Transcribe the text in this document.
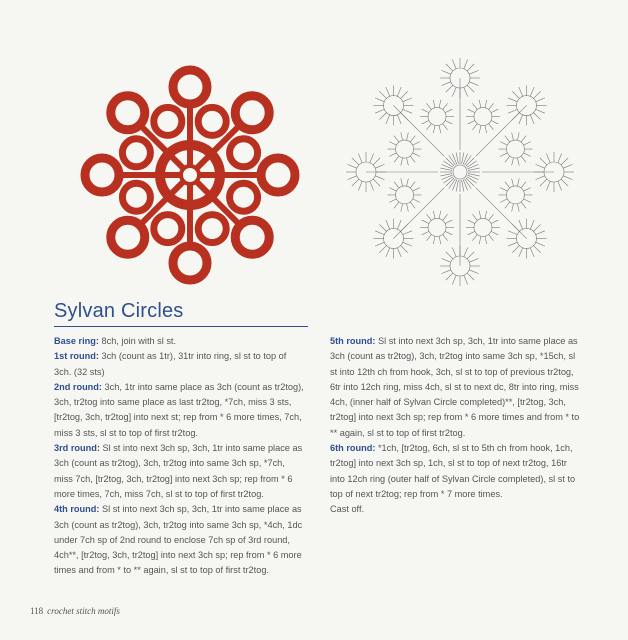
Sylvan Circles

Base ring: 8ch, join with sl st.

1st round: 3ch (count as 1tr), 31tr into ring, sl st to top of 3ch. (32 sts)

2nd round: 3ch, 1tr into same place as 3ch (count as tr2tog), 3ch, tr2tog into same place as last tr2tog, *7ch, miss 3 sts, [tr2tog, 3ch, tr2tog] into next st; rep from * 6 more times, 7ch, miss 3 sts, sl st to top of first tr2tog.

3rd round: Sl st into next 3ch sp, 3ch, 1tr into same place as 3ch (count as tr2tog), 3ch, tr2tog into same 3ch sp, *7ch, miss 7ch, [tr2tog, 3ch, tr2tog] into next 3ch sp; rep from * 6 more times, 7ch, miss 7ch, sl st to top of first tr2tog.

4th round: Sl st into next 3ch sp, 3ch, 1tr into same place as 3ch (count as tr2tog), 3ch, tr2tog into same 3ch sp, *4ch, 1dc under 7ch sp of 2nd round to enclose 7ch sp of 3rd round, 4ch**, [tr2tog, 3ch, tr2tog] into next 3ch sp; rep from * 6 more times and from * to ** again, sl st to top of first tr2tog.

5th round: Sl st into next 3ch sp, 3ch, 1tr into same place as 3ch (count as tr2tog), 3ch, tr2tog into same 3ch sp, *15ch, sl st into 12th ch from hook, 3ch, sl st to top of previous tr2tog, 6tr into 12ch ring, miss 4ch, sl st to next dc, 8tr into ring, miss 4ch, (inner half of Sylvan Circle completed)**, [tr2tog, 3ch, tr2tog] into next 3ch sp; rep from * 6 more times and from * to ** again, sl st to top of first tr2tog.

6th round: *1ch, [tr2tog, 6ch, sl st to 5th ch from hook, 1ch, tr2tog] into next 3ch sp, 1ch, sl st to top of next tr2tog, 16tr into 12ch ring (outer half of Sylvan Circle completed), sl st to top of next tr2tog; rep from * 7 more times.

Cast off.

118 crochet stitch motifs
